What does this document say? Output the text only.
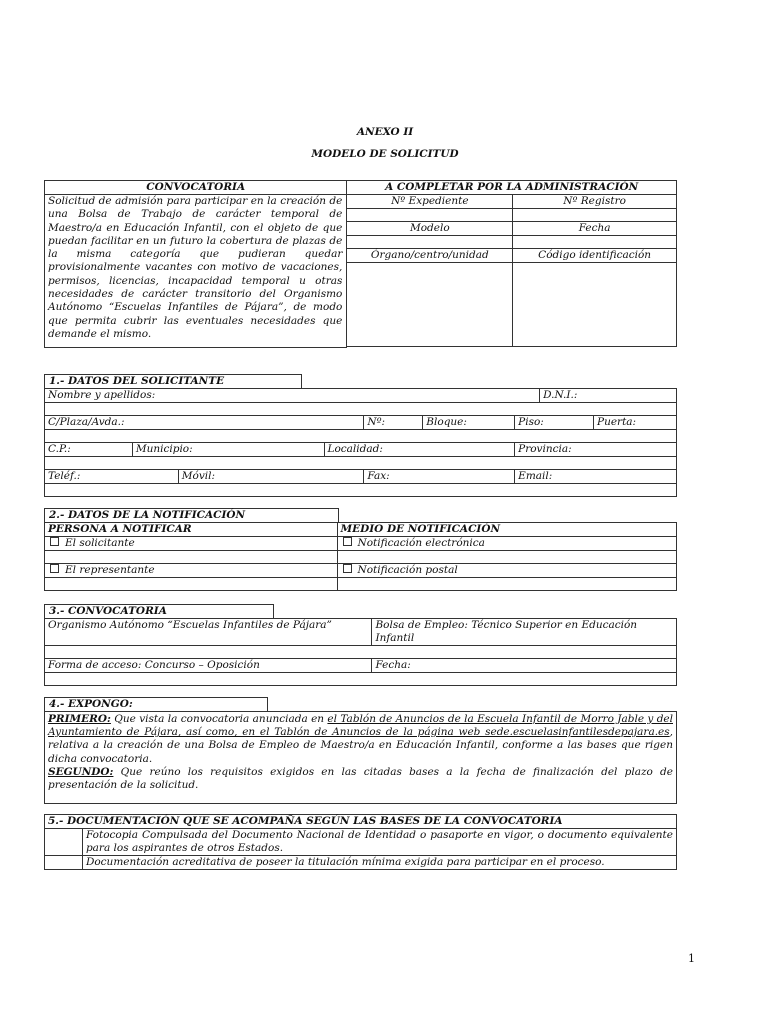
ANEXO II
MODELO DE SOLICITUD
CONVOCATORIA	A COMPLETAR POR LA ADMINISTRACIÓN	
Solicitud de admisión para participar en la creación de una Bolsa de Trabajo de carácter temporal de Maestro/a en Educación Infantil, con el objeto de que puedan facilitar en un futuro la cobertura de plazas de la misma categoría que pudieran quedar provisionalmente vacantes con motivo de vacaciones, permisos, licencias, incapacidad temporal u otras necesidades de carácter transitorio del Organismo Autónomo “Escuelas Infantiles de Pájara”, de modo que permita cubrir las eventuales necesidades que demande el mismo.	Nº Expediente	Nº Registro

	Modelo	Fecha

	Órgano/centro/unidad	Código identificación

1.- DATOS DEL SOLICITANTE
Nombre y apellidos:							D.N.I.:	

C/Plaza/Avda.:				Nº:	Bloque:	Piso:		Puerta:

C.P.:	Municipio:		Localidad:			Provincia:		

Teléf.:		Móvil:		Fax:		Email:		

2.- DATOS DE LA NOTIFICACIÓN
PERSONA A NOTIFICAR	MEDIO DE NOTIFICACIÓN
El solicitante	Notificación electrónica

El representante	Notificación postal

3.- CONVOCATORIA
Organismo Autónomo “Escuelas Infantiles de Pájara”	Bolsa de Empleo: Técnico Superior en Educación Infantil

Forma de acceso: Concurso – Oposición	Fecha:

4.- EXPONGO:
PRIMERO: Que vista la convocatoria anunciada en el Tablón de Anuncios de la Escuela Infantil de Morro Jable y del Ayuntamiento de Pájara, así como, en el Tablón de Anuncios de la página web sede.escuelasinfantilesdepajara.es, relativa a la creación de una Bolsa de Empleo de Maestro/a en Educación Infantil, conforme a las bases que rigen dicha convocatoria.
SEGUNDO: Que reúno los requisitos exigidos en las citadas bases a la fecha de finalización del plazo de presentación de la solicitud.
5.- DOCUMENTACIÓN QUE SE ACOMPAÑA SEGÚN LAS BASES DE LA CONVOCATORIA	
	Fotocopia Compulsada del Documento Nacional de Identidad o pasaporte en vigor, o documento equivalente para los aspirantes de otros Estados.
	Documentación acreditativa de poseer la titulación mínima exigida para participar en el proceso.
1
